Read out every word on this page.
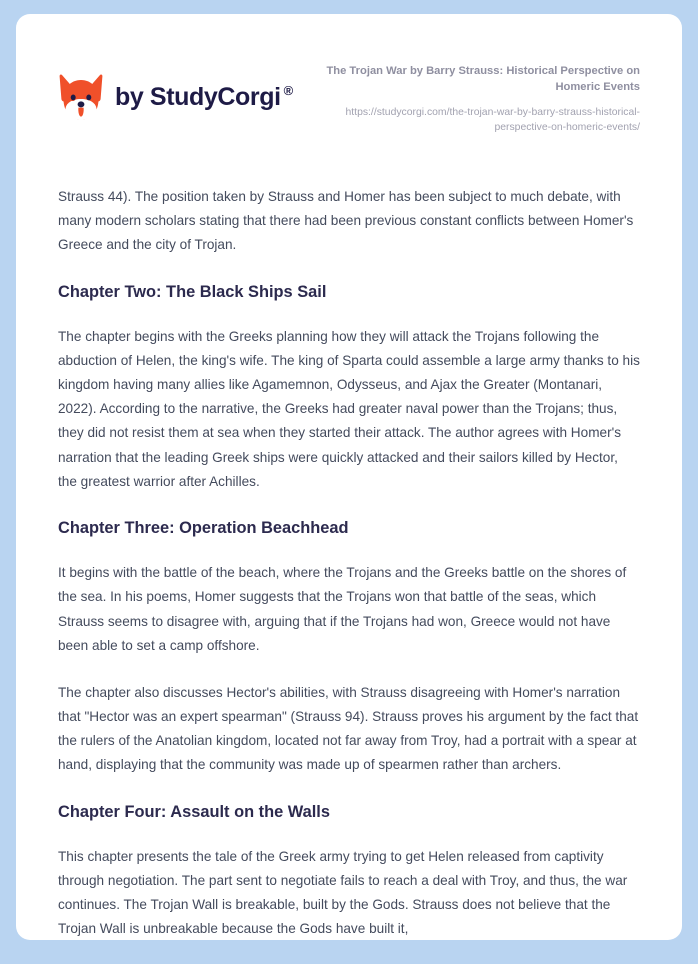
by StudyCorgi ®

The Trojan War by Barry Strauss: Historical Perspective on Homeric Events

https://studycorgi.com/the-trojan-war-by-barry-strauss-historical-perspective-on-homeric-events/

Strauss 44). The position taken by Strauss and Homer has been subject to much debate, with many modern scholars stating that there had been previous constant conflicts between Homer's Greece and the city of Trojan.

Chapter Two: The Black Ships Sail

The chapter begins with the Greeks planning how they will attack the Trojans following the abduction of Helen, the king's wife. The king of Sparta could assemble a large army thanks to his kingdom having many allies like Agamemnon, Odysseus, and Ajax the Greater (Montanari, 2022). According to the narrative, the Greeks had greater naval power than the Trojans; thus, they did not resist them at sea when they started their attack. The author agrees with Homer's narration that the leading Greek ships were quickly attacked and their sailors killed by Hector, the greatest warrior after Achilles.

Chapter Three: Operation Beachhead

It begins with the battle of the beach, where the Trojans and the Greeks battle on the shores of the sea. In his poems, Homer suggests that the Trojans won that battle of the seas, which Strauss seems to disagree with, arguing that if the Trojans had won, Greece would not have been able to set a camp offshore.

The chapter also discusses Hector's abilities, with Strauss disagreeing with Homer's narration that "Hector was an expert spearman" (Strauss 94). Strauss proves his argument by the fact that the rulers of the Anatolian kingdom, located not far away from Troy, had a portrait with a spear at hand, displaying that the community was made up of spearmen rather than archers.

Chapter Four: Assault on the Walls

This chapter presents the tale of the Greek army trying to get Helen released from captivity through negotiation. The part sent to negotiate fails to reach a deal with Troy, and thus, the war continues. The Trojan Wall is breakable, built by the Gods. Strauss does not believe that the Trojan Wall is unbreakable because the Gods have built it,
